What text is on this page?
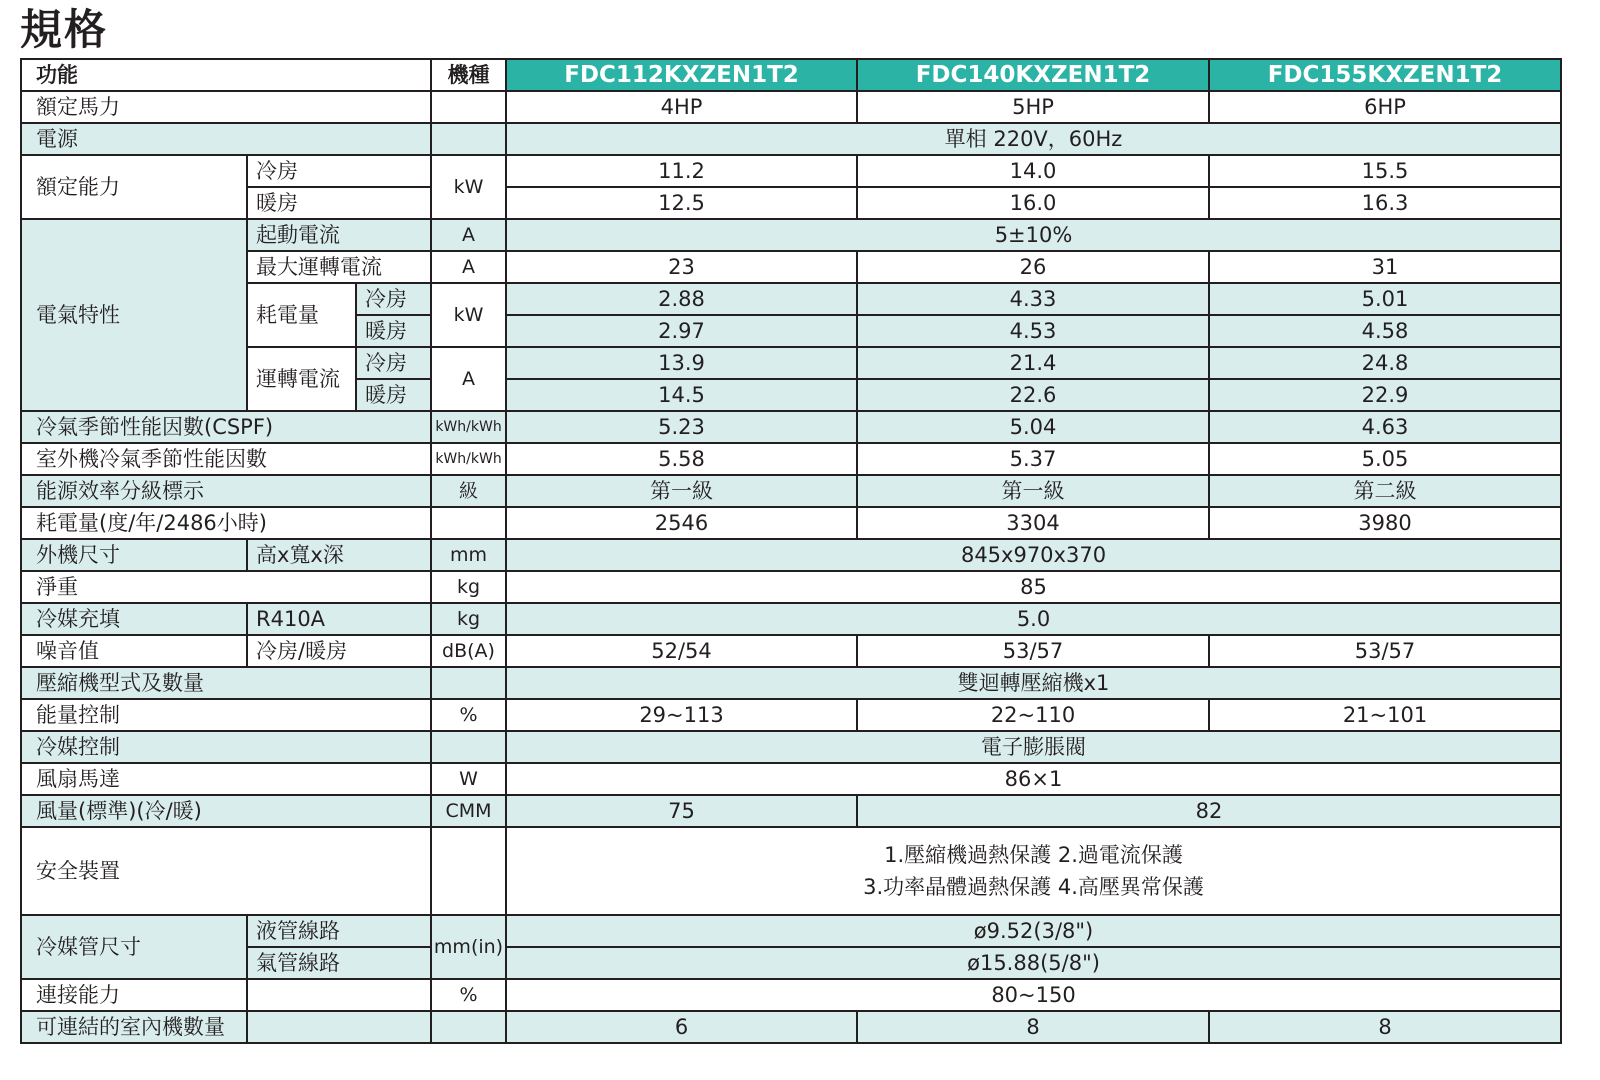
規格
功能			機種	FDC112KXZEN1T2	FDC140KXZEN1T2	FDC155KXZEN1T2
額定馬力				4HP	5HP	6HP
電源				單相 220V，60Hz		
額定能力	冷房		kW	11.2	14.0	15.5
	暖房			12.5	16.0	16.3
電氣特性	起動電流		A	5±10%		
	最大運轉電流		A	23	26	31
	耗電量	冷房	kW	2.88	4.33	5.01
		暖房		2.97	4.53	4.58
	運轉電流	冷房	A	13.9	21.4	24.8
		暖房		14.5	22.6	22.9
冷氣季節性能因數(CSPF)			kWh/kWh	5.23	5.04	4.63
室外機冷氣季節性能因數			kWh/kWh	5.58	5.37	5.05
能源效率分級標示			級	第一級	第一級	第二級
耗電量(度/年/2486小時)				2546	3304	3980
外機尺寸	高x寬x深		mm	845x970x370		
淨重			kg	85		
冷媒充填	R410A		kg	5.0		
噪音值	冷房/暖房		dB(A)	52/54	53/57	53/57
壓縮機型式及數量				雙迴轉壓縮機x1		
能量控制			%	29~113	22~110	21~101
冷媒控制				電子膨脹閥		
風扇馬達			W	86×1		
風量(標準)(冷/暖)			CMM	75	82	
安全裝置				1.壓縮機過熱保護 2.過電流保護
3.功率晶體過熱保護 4.高壓異常保護		

冷媒管尺寸	液管線路		mm(in)	ø9.52(3/8")		
	氣管線路			ø15.88(5/8")		
連接能力			%	80~150		
可連結的室內機數量				6	8	8
